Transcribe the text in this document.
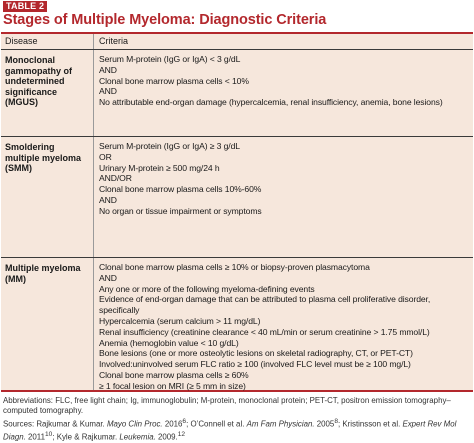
TABLE 2
Stages of Multiple Myeloma: Diagnostic Criteria
Disease	Criteria
Monoclonal gammopathy of undetermined significance (MGUS)
Serum M-protein (IgG or IgA) < 3 g/dL
AND
Clonal bone marrow plasma cells < 10%
AND
No attributable end-organ damage (hypercalcemia, renal insufficiency, anemia, bone lesions)
Smoldering multiple myeloma (SMM)
Serum M-protein (IgG or IgA) ≥ 3 g/dL
OR
Urinary M-protein ≥ 500 mg/24 h
AND/OR
Clonal bone marrow plasma cells 10%-60%
AND
No organ or tissue impairment or symptoms
Multiple myeloma (MM)
Clonal bone marrow plasma cells ≥ 10% or biopsy-proven plasmacytoma
AND
Any one or more of the following myeloma-defining events
Evidence of end-organ damage that can be attributed to plasma cell proliferative disorder,
specifically
Hypercalcemia (serum calcium > 11 mg/dL)
Renal insufficiency (creatinine clearance < 40 mL/min or serum creatinine > 1.75 mmol/L)
Anemia (hemoglobin value < 10 g/dL)
Bone lesions (one or more osteolytic lesions on skeletal radiography, CT, or PET-CT)
Involved:uninvolved serum FLC ratio ≥ 100 (involved FLC level must be ≥ 100 mg/L)
Clonal bone marrow plasma cells ≥ 60%
≥ 1 focal lesion on MRI (≥ 5 mm in size)
Abbreviations: FLC, free light chain; Ig, immunoglobulin; M-protein, monoclonal protein; PET-CT, positron emission tomography–
computed tomography.
Sources: Rajkumar & Kumar. Mayo Clin Proc. 2016$^6$; O’Connell et al. Am Fam Physician. 2005$^8$; Kristinsson et al. Expert Rev Mol
Diagn. 2011$^{10}$; Kyle & Rajkumar. Leukemia. 2009.12
